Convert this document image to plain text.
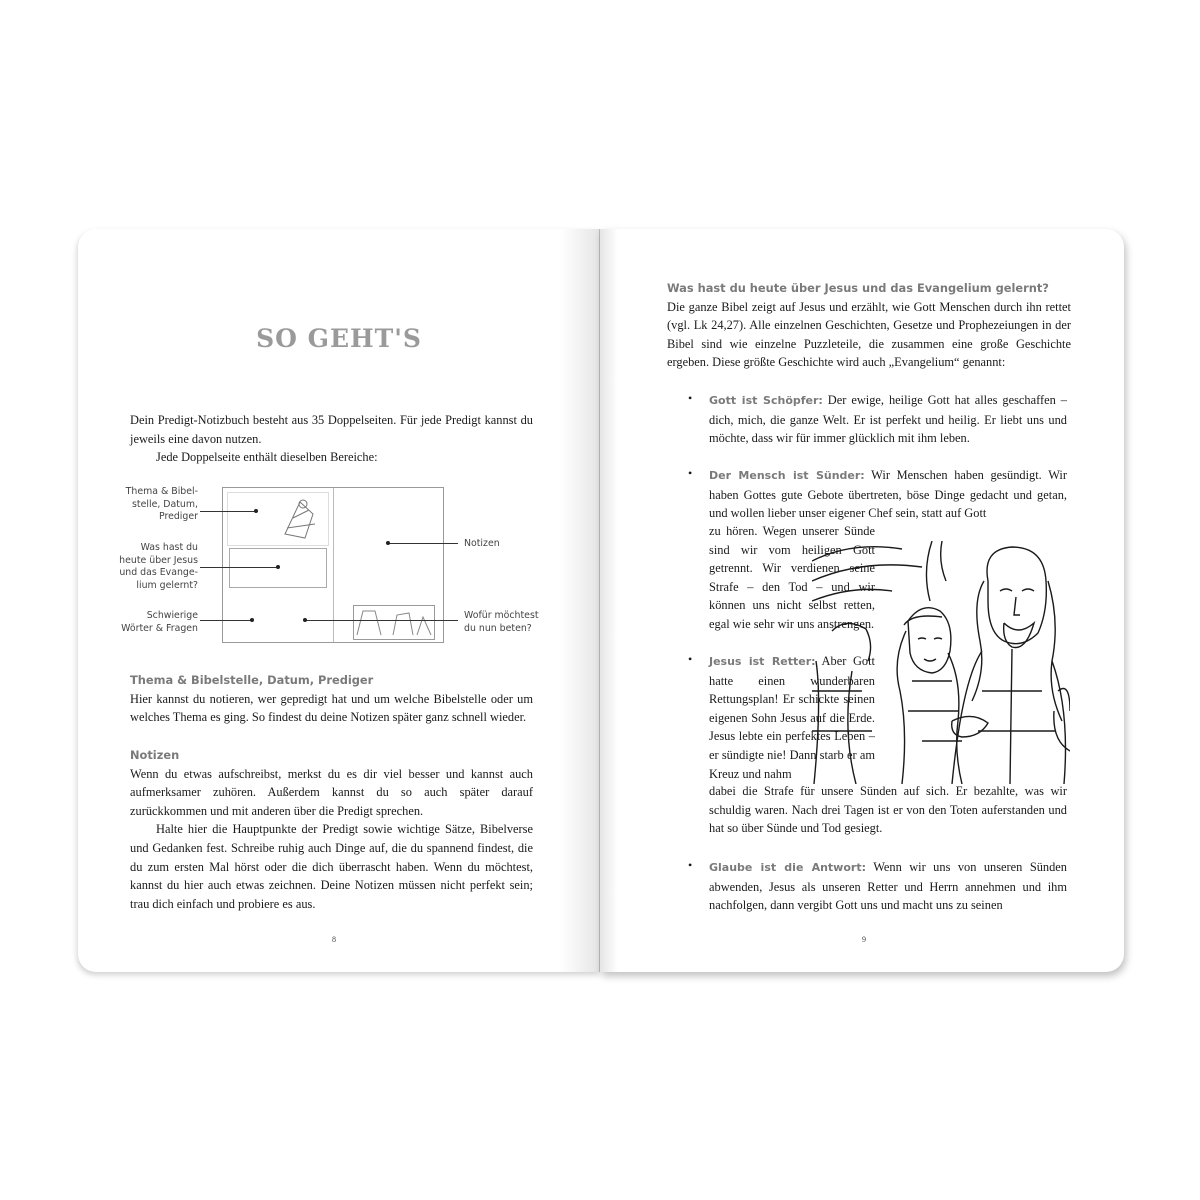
SO GEHT'S

Dein Predigt-Notizbuch besteht aus 35 Doppelseiten. Für jede Predigt kannst du jeweils eine davon nutzen.

Jede Doppelseite enthält dieselben Bereiche:

Thema & Bibel-
stelle, Datum,
Prediger
Was hast du
heute über Jesus
und das Evange-
lium gelernt?
Schwierige
Wörter & Fragen
Notizen
Wofür möchtest
du nun beten?
Thema & Bibelstelle, Datum, Prediger

Hier kannst du notieren, wer gepredigt hat und um welche Bibelstelle oder um welches Thema es ging. So findest du deine Notizen später ganz schnell wieder.

Notizen

Wenn du etwas aufschreibst, merkst du es dir viel besser und kannst auch aufmerksamer zuhören. Außerdem kannst du so auch später darauf zurückkommen und mit anderen über die Predigt sprechen.

Halte hier die Hauptpunkte der Predigt sowie wichtige Sätze, Bibelverse und Gedanken fest. Schreibe ruhig auch Dinge auf, die du spannend findest, die du zum ersten Mal hörst oder die dich überrascht haben. Wenn du möchtest, kannst du hier auch etwas zeichnen. Deine Notizen müssen nicht perfekt sein; trau dich einfach und probiere es aus.

8
Was hast du heute über Jesus und das Evangelium gelernt?

Die ganze Bibel zeigt auf Jesus und erzählt, wie Gott Menschen durch ihn rettet (vgl. Lk 24,27). Alle einzelnen Geschichten, Gesetze und Prophezeiungen in der Bibel sind wie einzelne Puzzleteile, die zusammen eine große Geschichte ergeben. Diese größte Geschichte wird auch „Evangelium“ genannt:

• Gott ist Schöpfer: Der ewige, heilige Gott hat alles geschaffen – dich, mich, die ganze Welt. Er ist perfekt und heilig. Er liebt uns und möchte, dass wir für immer glücklich mit ihm leben.

• Der Mensch ist Sünder: Wir Menschen haben gesündigt. Wir haben Gottes gute Gebote übertreten, böse Dinge gedacht und getan, und wollen lieber unser eigener Chef sein, statt auf Gott

zu hören. Wegen unserer Sünde sind wir vom heiligen Gott getrennt. Wir verdienen seine Strafe – den Tod – und wir können uns nicht selbst retten, egal wie sehr wir uns anstrengen.

• Jesus ist Retter: Aber Gott hatte einen wunderbaren Rettungsplan! Er schickte seinen eigenen Sohn Jesus auf die Erde. Jesus lebte ein perfektes Leben – er sündigte nie! Dann starb er am Kreuz und nahm

dabei die Strafe für unsere Sünden auf sich. Er bezahlte, was wir schuldig waren. Nach drei Tagen ist er von den Toten auferstanden und hat so über Sünde und Tod gesiegt.

• Glaube ist die Antwort: Wenn wir uns von unseren Sünden abwenden, Jesus als unseren Retter und Herrn annehmen und ihm nachfolgen, dann vergibt Gott uns und macht uns zu seinen

9
